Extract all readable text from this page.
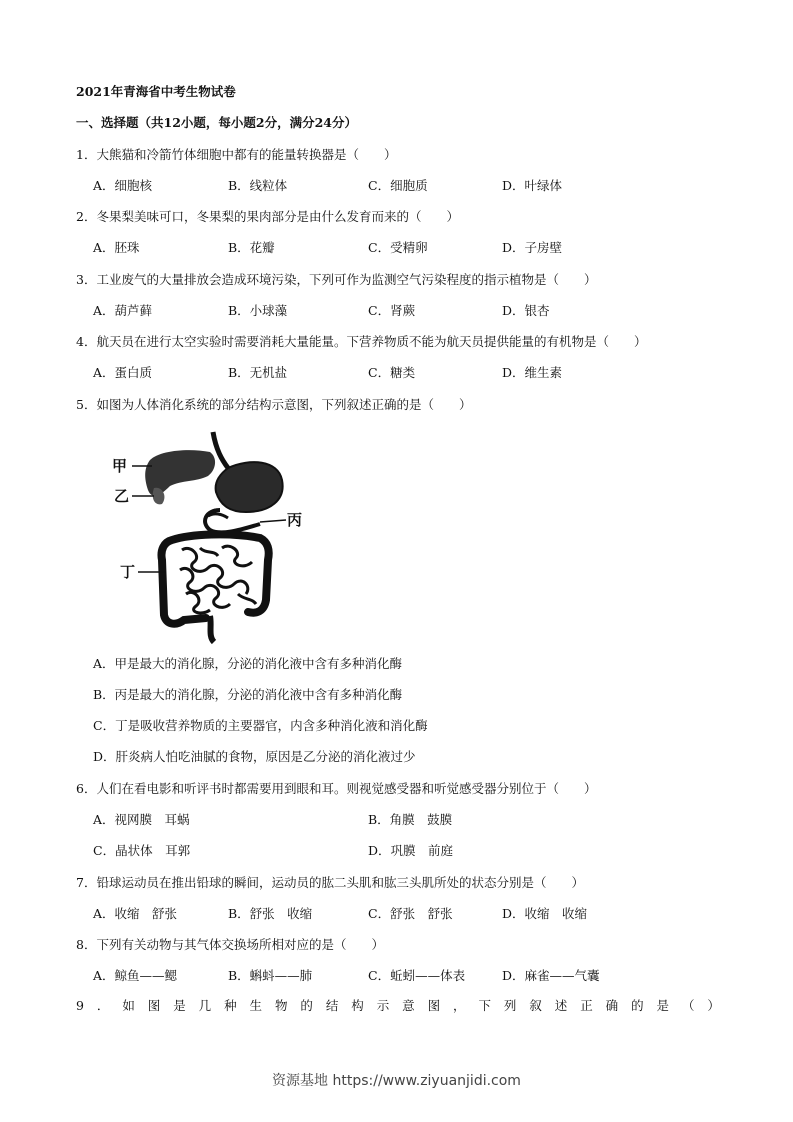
2021年青海省中考生物试卷
一、选择题（共12小题，每小题2分，满分24分）
1．大熊猫和冷箭竹体细胞中都有的能量转换器是（　　）
A．细胞核	B．线粒体	C．细胞质	D．叶绿体
2．冬果梨美味可口，冬果梨的果肉部分是由什么发育而来的（　　）
A．胚珠	B．花瓣	C．受精卵	D．子房壁
3．工业废气的大量排放会造成环境污染，下列可作为监测空气污染程度的指示植物是（　　）
A．葫芦藓	B．小球藻	C．肾蕨	D．银杏
4．航天员在进行太空实验时需要消耗大量能量。下营养物质不能为航天员提供能量的有机物是（　　）
A．蛋白质	B．无机盐	C．糖类	D．维生素
5．如图为人体消化系统的部分结构示意图，下列叙述正确的是（　　）
甲
乙
丙
丁
A．甲是最大的消化腺，分泌的消化液中含有多种消化酶
B．丙是最大的消化腺，分泌的消化液中含有多种消化酶
C．丁是吸收营养物质的主要器官，内含多种消化液和消化酶
D．肝炎病人怕吃油腻的食物，原因是乙分泌的消化液过少
6．人们在看电影和听评书时都需要用到眼和耳。则视觉感受器和听觉感受器分别位于（　　）
A．视网膜　耳蜗	B．角膜　鼓膜
C．晶状体　耳郭	D．巩膜　前庭
7．铅球运动员在推出铅球的瞬间，运动员的肱二头肌和肱三头肌所处的状态分别是（　　）
A．收缩　舒张	B．舒张　收缩	C．舒张　舒张	D．收缩　收缩
8．下列有关动物与其气体交换场所相对应的是（　　）
A．鲸鱼——鳃	B．蝌蚪——肺	C．蚯蚓——体表	D．麻雀——气囊
9 ． 如 图 是 几 种 生 物 的 结 构 示 意 图 ， 下 列 叙 述 正 确 的 是 （ ）
资源基地 https://www.ziyuanjidi.com
